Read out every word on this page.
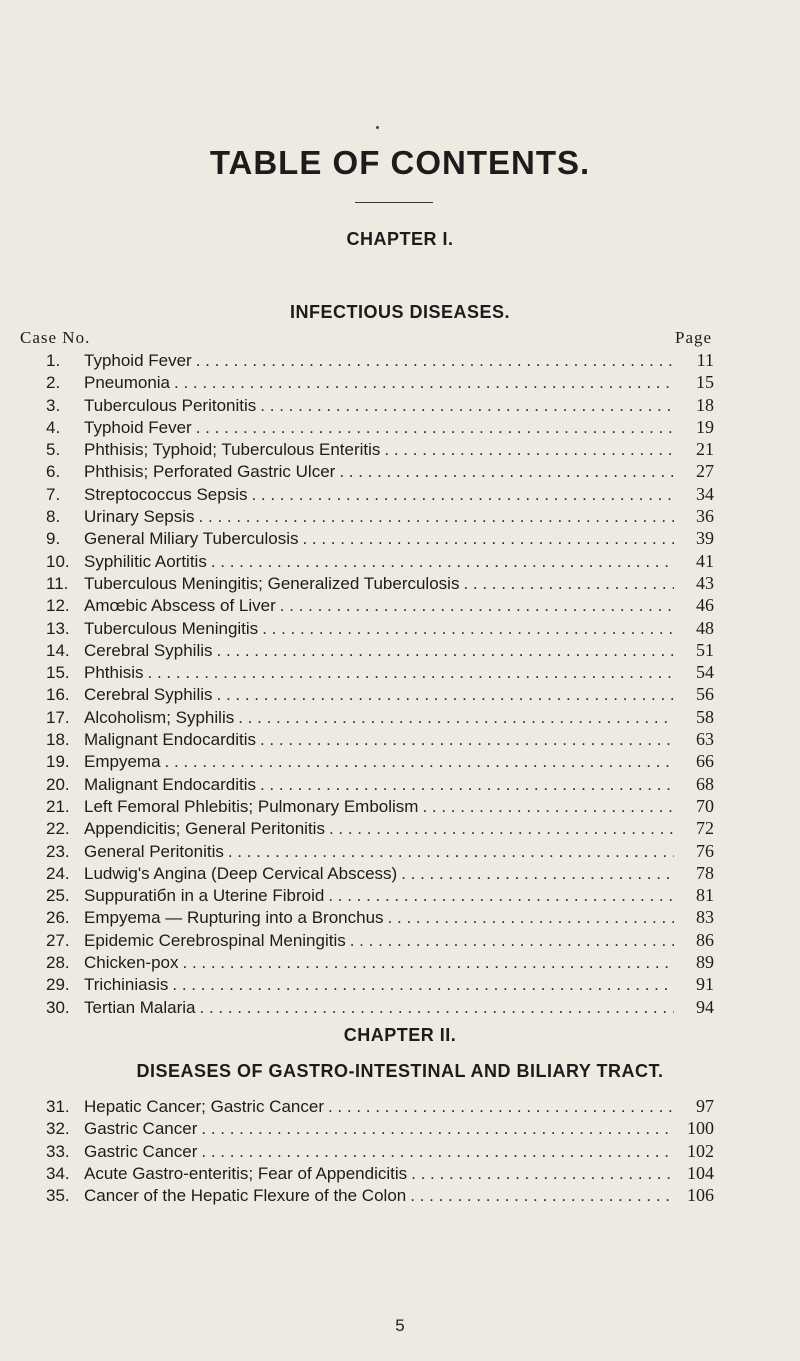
TABLE OF CONTENTS.
CHAPTER I.
INFECTIOUS DISEASES.
Case No.	Page
1.	Typhoid Fever . . .	11
2.	Pneumonia . . .	15
3.	Tuberculous Peritonitis . . .	18
4.	Typhoid Fever . . .	19
5.	Phthisis; Typhoid; Tuberculous Enteritis . . .	21
6.	Phthisis; Perforated Gastric Ulcer . . .	27
7.	Streptococcus Sepsis . . .	34
8.	Urinary Sepsis . . .	36
9.	General Miliary Tuberculosis . . .	39
10. Syphilitic Aortitis . . .	41
11. Tuberculous Meningitis; Generalized Tuberculosis . . .	43
12. Amœbic Abscess of Liver . . .	46
13. Tuberculous Meningitis . . .	48
14. Cerebral Syphilis . . .	51
15. Phthisis . . .	54
16. Cerebral Syphilis . . .	56
17. Alcoholism; Syphilis . . .	58
18. Malignant Endocarditis . . .	63
19. Empyema . . .	66
20. Malignant Endocarditis . . .	68
21. Left Femoral Phlebitis; Pulmonary Embolism . . .	70
22. Appendicitis; General Peritonitis . . .	72
23. General Peritonitis . . .	76
24. Ludwig's Angina (Deep Cervical Abscess) . . .	78
25. Suppuratiбn in a Uterine Fibroid . . .	81
26. Empyema — Rupturing into a Bronchus . . .	83
27. Epidemic Cerebrospinal Meningitis . . .	86
28. Chicken-pox . . .	89
29. Trichiniasis . . .	91
30. Tertian Malaria . . .	94
CHAPTER II.
DISEASES OF GASTRO-INTESTINAL AND BILIARY TRACT.
31. Hepatic Cancer; Gastric Cancer . . .	97
32. Gastric Cancer . . .	100
33. Gastric Cancer . . .	102
34. Acute Gastro-enteritis; Fear of Appendicitis . . .	104
35. Cancer of the Hepatic Flexure of the Colon . . .	106
5
